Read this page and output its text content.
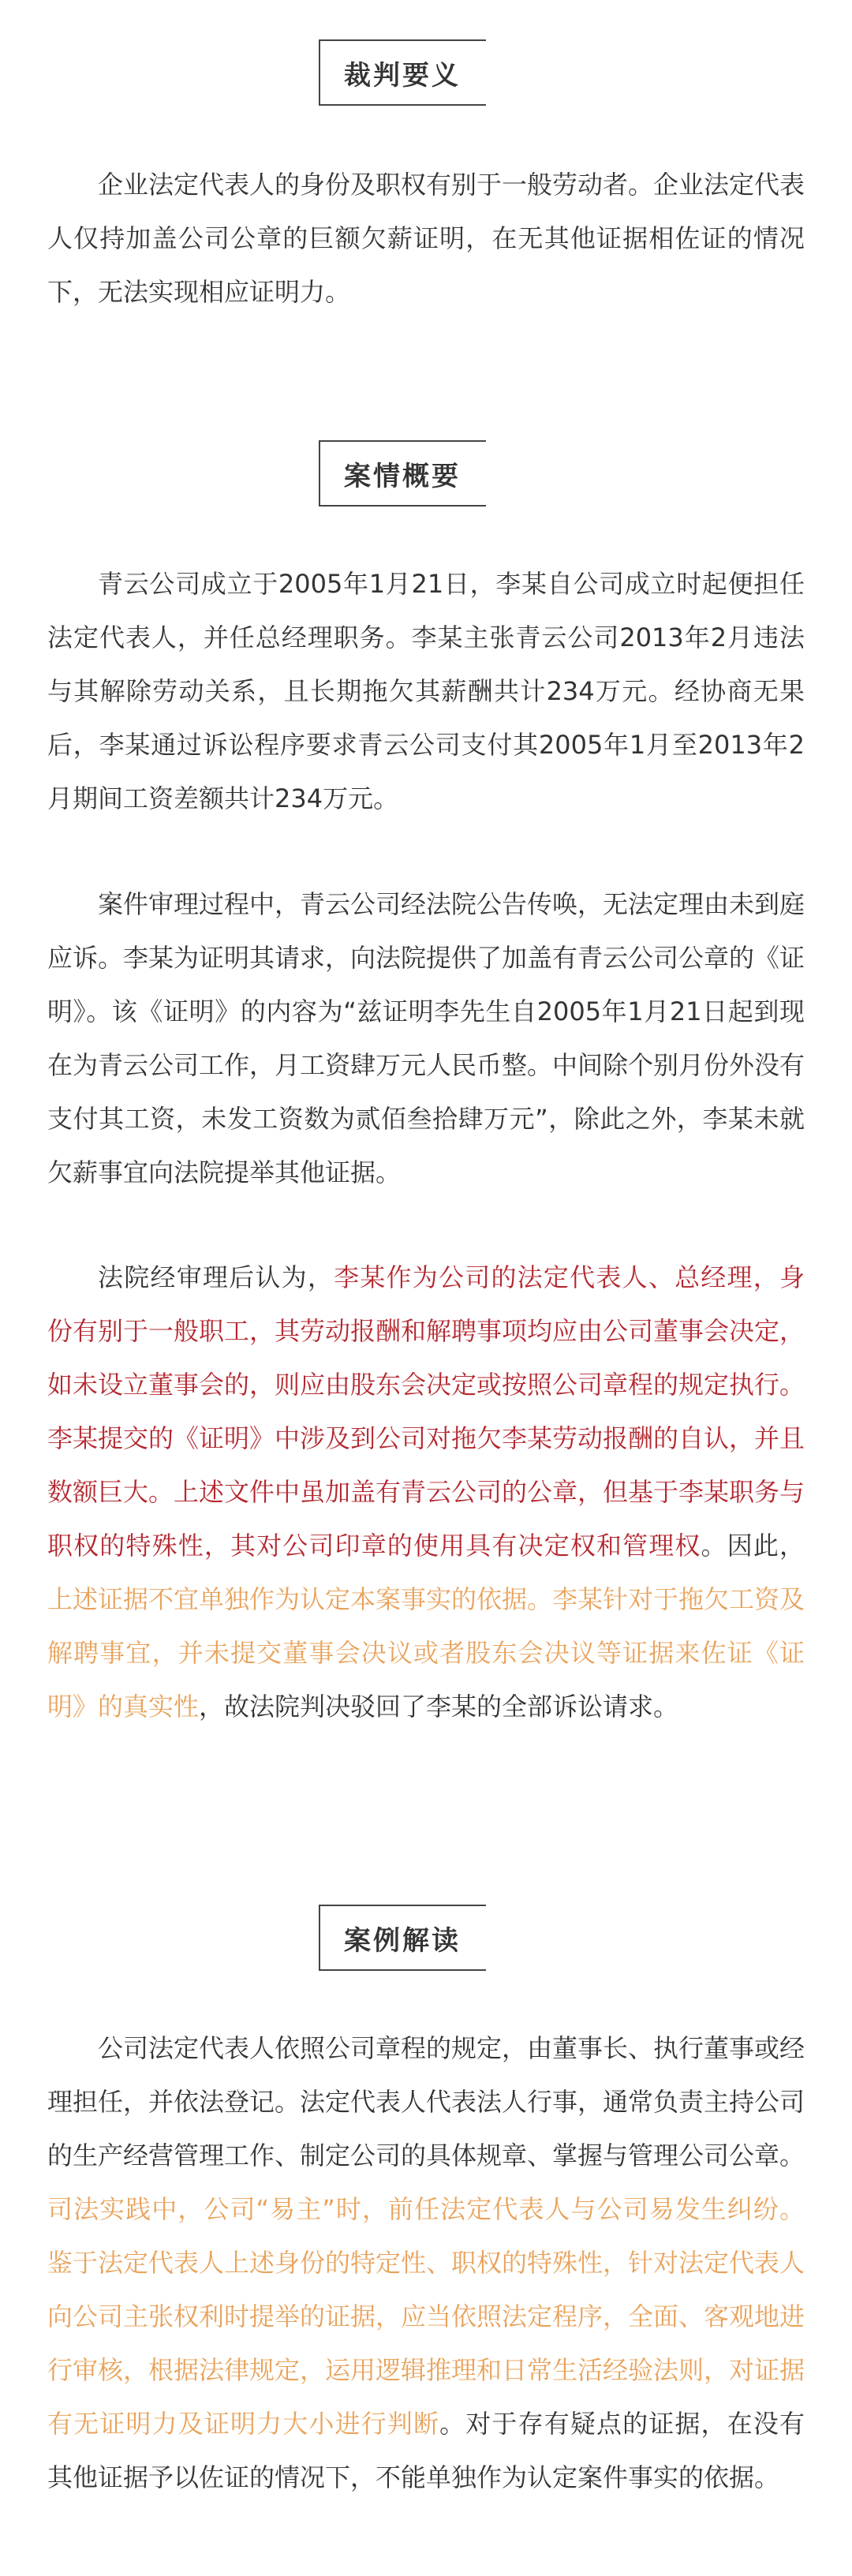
裁判要义

企业法定代表人的身份及职权有别于一般劳动者。企业法定代表人仅持加盖公司公章的巨额欠薪证明，在无其他证据相佐证的情况下，无法实现相应证明力。

案情概要

青云公司成立于2005年1月21日，李某自公司成立时起便担任法定代表人，并任总经理职务。李某主张青云公司2013年2月违法与其解除劳动关系，且长期拖欠其薪酬共计234万元。经协商无果后，李某通过诉讼程序要求青云公司支付其2005年1月至2013年2月期间工资差额共计234万元。

案件审理过程中，青云公司经法院公告传唤，无法定理由未到庭应诉。李某为证明其请求，向法院提供了加盖有青云公司公章的《证明》。该《证明》的内容为“兹证明李先生自2005年1月21日起到现在为青云公司工作，月工资肆万元人民币整。中间除个别月份外没有支付其工资，未发工资数为贰佰叁拾肆万元”，除此之外，李某未就欠薪事宜向法院提举其他证据。

法院经审理后认为，李某作为公司的法定代表人、总经理，身份有别于一般职工，其劳动报酬和解聘事项均应由公司董事会决定，如未设立董事会的，则应由股东会决定或按照公司章程的规定执行。李某提交的《证明》中涉及到公司对拖欠李某劳动报酬的自认，并且数额巨大。上述文件中虽加盖有青云公司的公章，但基于李某职务与职权的特殊性，其对公司印章的使用具有决定权和管理权。因此，上述证据不宜单独作为认定本案事实的依据。李某针对于拖欠工资及解聘事宜，并未提交董事会决议或者股东会决议等证据来佐证《证明》的真实性，故法院判决驳回了李某的全部诉讼请求。

案例解读

公司法定代表人依照公司章程的规定，由董事长、执行董事或经理担任，并依法登记。法定代表人代表法人行事，通常负责主持公司的生产经营管理工作、制定公司的具体规章、掌握与管理公司公章。司法实践中，公司“易主”时，前任法定代表人与公司易发生纠纷。鉴于法定代表人上述身份的特定性、职权的特殊性，针对法定代表人向公司主张权利时提举的证据，应当依照法定程序，全面、客观地进行审核，根据法律规定，运用逻辑推理和日常生活经验法则，对证据有无证明力及证明力大小进行判断。对于存有疑点的证据，在没有其他证据予以佐证的情况下，不能单独作为认定案件事实的依据。
